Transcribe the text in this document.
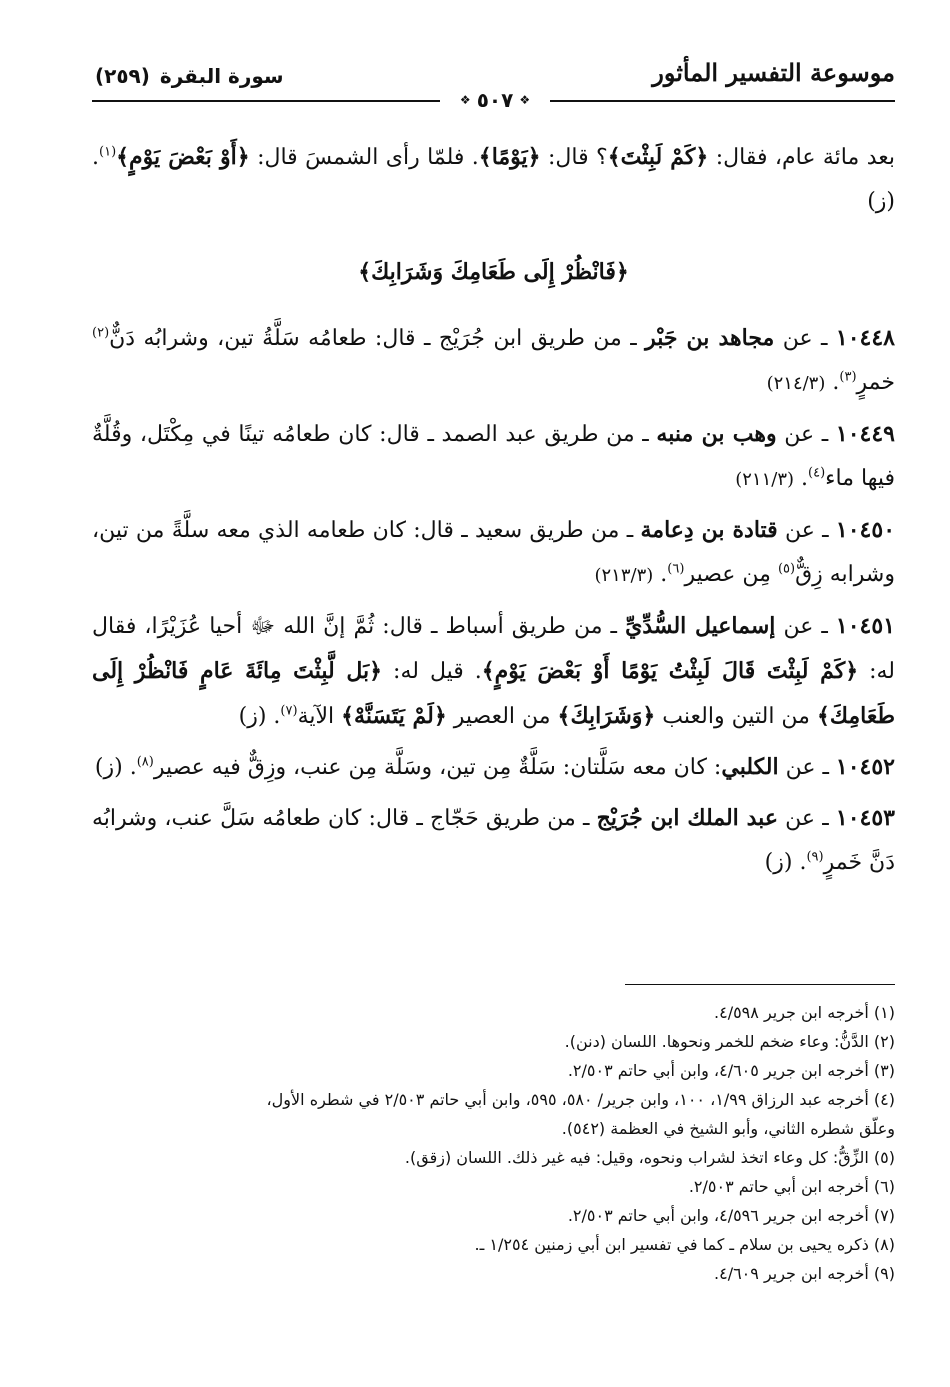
سورة البقرة
(٢٥٩)	موسوعة التفسير المأثور
❖
٥٠٧
❖

بعد مائة عام، فقال: ﴿كَمْ لَبِثْتَ﴾؟ قال: ﴿يَوْمًا﴾. فلمّا رأى الشمسَ قال: ﴿أَوْ بَعْضَ يَوْمٍ﴾$^{(١)}$. (ز)

﴿فَانْظُرْ إِلَى طَعَامِكَ وَشَرَابِكَ﴾

١٠٤٤٨ ـ عن مجاهد بن جَبْر ـ من طريق ابن جُرَيْج ـ قال: طعامُه سَلَّةُ تين، وشرابُه دَنٌّ$^{(٢)}$ خمرٍ$^{(٣)}$. (٢١٤/٣)

١٠٤٤٩ ـ عن وهب بن منبه ـ من طريق عبد الصمد ـ قال: كان طعامُه تينًا في مِكْتَل، وقُلَّةٌ فيها ماء$^{(٤)}$. (٢١١/٣)

١٠٤٥٠ ـ عن قتادة بن دِعامة ـ من طريق سعيد ـ قال: كان طعامه الذي معه سلَّةً من تين، وشرابه زِقٌّ$^{(٥)}$ مِن عصير$^{(٦)}$. (٢١٣/٣)

١٠٤٥١ ـ عن إسماعيل السُّدِّيِّ ـ من طريق أسباط ـ قال: ثُمَّ إنَّ الله ﷻ أحيا عُزَيْرًا، فقال له: ﴿كَمْ لَبِثْتَ قَالَ لَبِثْتُ يَوْمًا أَوْ بَعْضَ يَوْمٍ﴾. قيل له: ﴿بَل لَّبِثْتَ مِائَةَ عَامٍ فَانْظُرْ إِلَى طَعَامِكَ﴾ من التين والعنب ﴿وَشَرَابِكَ﴾ من العصير ﴿لَمْ يَتَسَنَّهْ﴾ الآية$^{(٧)}$. (ز)

١٠٤٥٢ ـ عن الكلبي: كان معه سَلَّتان: سَلَّةٌ مِن تين، وسَلَّة مِن عنب، وزِقٌّ فيه عصير$^{(٨)}$. (ز)

١٠٤٥٣ ـ عن عبد الملك ابن جُرَيْج ـ من طريق حَجّاج ـ قال: كان طعامُه سَلَّ عنب، وشرابُه دَنَّ خَمرٍ$^{(٩)}$. (ز)

(١) أخرجه ابن جرير ٤/٥٩٨.
(٢) الدَّنُّ: وعاء ضخم للخمر ونحوها. اللسان (دنن).
(٣) أخرجه ابن جرير ٤/٦٠٥، وابن أبي حاتم ٢/٥٠٣.
(٤) أخرجه عبد الرزاق ١/٩٩، ١٠٠، وابن جرير/ ٥٨٠، ٥٩٥، وابن أبي حاتم ٢/٥٠٣ في شطره الأول،
وعلّق شطره الثاني، وأبو الشيخ في العظمة (٥٤٢).
(٥) الزِّقُّ: كل وعاء اتخذ لشراب ونحوه، وقيل: فيه غير ذلك. اللسان (زقق).
(٦) أخرجه ابن أبي حاتم ٢/٥٠٣.
(٧) أخرجه ابن جرير ٤/٥٩٦، وابن أبي حاتم ٢/٥٠٣.
(٨) ذكره يحيى بن سلام ـ كما في تفسير ابن أبي زمنين ١/٢٥٤ ـ.
(٩) أخرجه ابن جرير ٤/٦٠٩.
